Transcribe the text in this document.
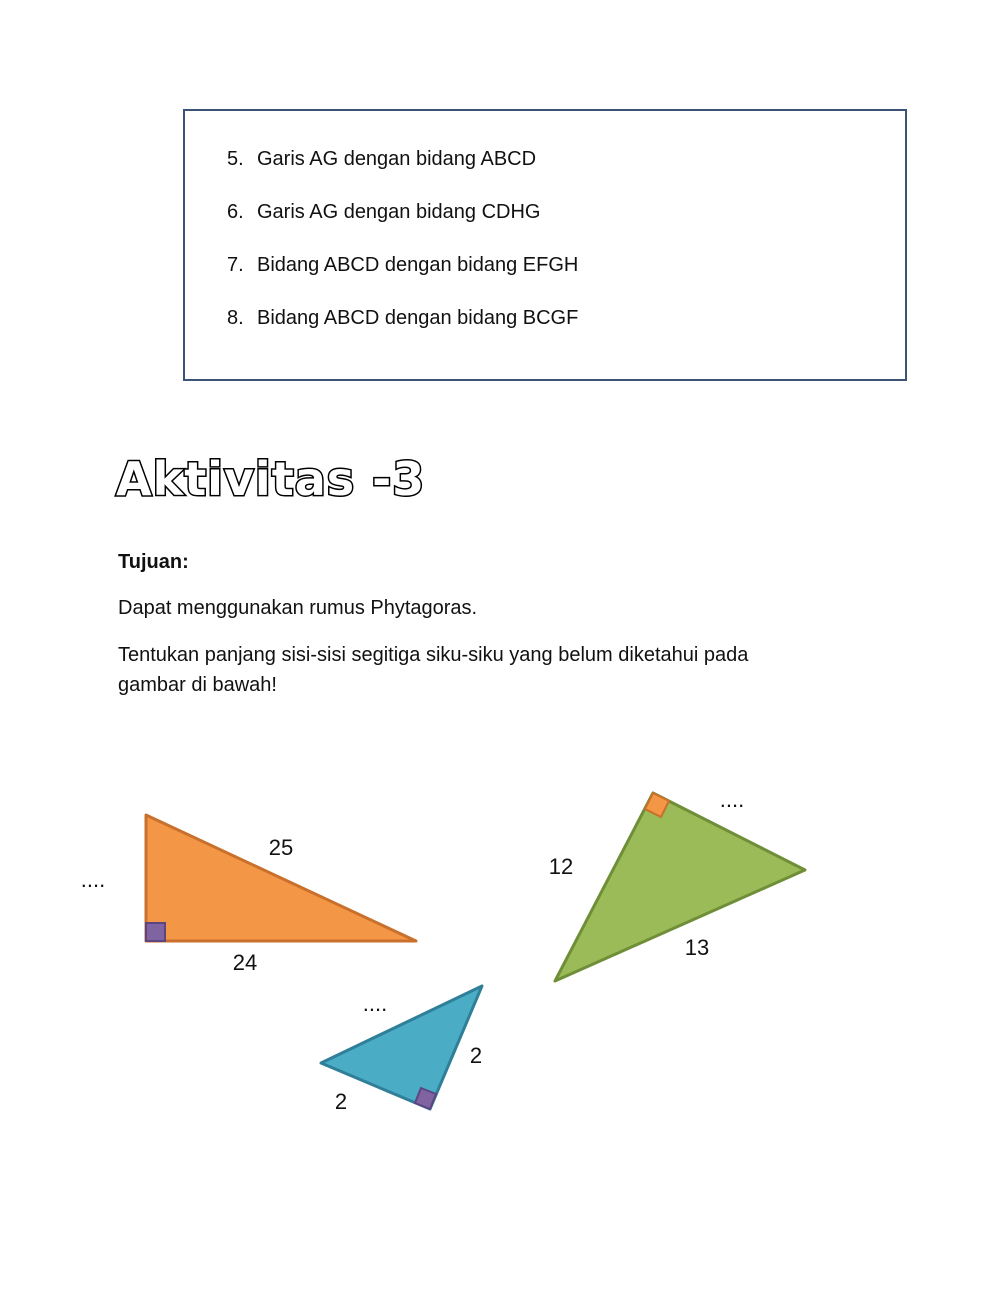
5. Garis AG dengan bidang ABCD
6. Garis AG dengan bidang CDHG
7. Bidang ABCD dengan bidang EFGH
8. Bidang ABCD dengan bidang BCGF
Aktivitas -3
Tujuan:
Dapat menggunakan rumus Phytagoras.
Tentukan panjang sisi-sisi segitiga siku-siku yang belum diketahui pada
gambar di bawah!
....
25
24
12
....
13
....
2
2
